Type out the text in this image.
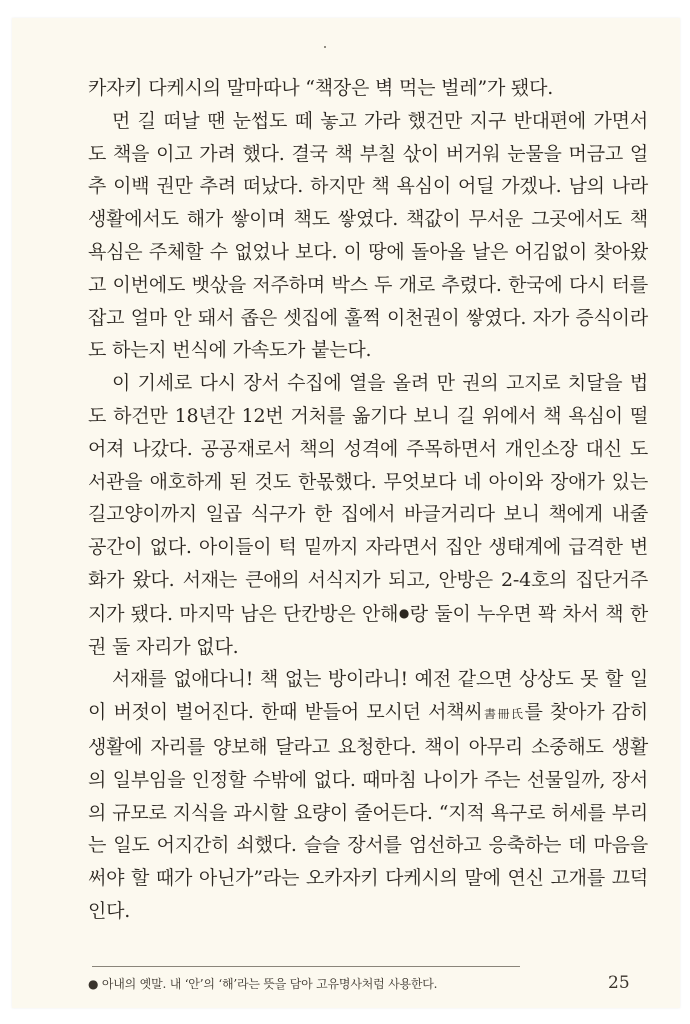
카자키 다케시의 말마따나 “책장은 벽 먹는 벌레”가 됐다.

먼 길 떠날 땐 눈썹도 떼 놓고 가라 했건만 지구 반대편에 가면서도 책을 이고 가려 했다. 결국 책 부칠 삯이 버거워 눈물을 머금고 얼추 이백 권만 추려 떠났다. 하지만 책 욕심이 어딜 가겠나. 남의 나라 생활에서도 해가 쌓이며 책도 쌓였다. 책값이 무서운 그곳에서도 책 욕심은 주체할 수 없었나 보다. 이 땅에 돌아올 날은 어김없이 찾아왔고 이번에도 뱃삯을 저주하며 박스 두 개로 추렸다. 한국에 다시 터를 잡고 얼마 안 돼서 좁은 셋집에 훌쩍 이천권이 쌓였다. 자가 증식이라도 하는지 번식에 가속도가 붙는다.

이 기세로 다시 장서 수집에 열을 올려 만 권의 고지로 치달을 법도 하건만 18년간 12번 거처를 옮기다 보니 길 위에서 책 욕심이 떨어져 나갔다. 공공재로서 책의 성격에 주목하면서 개인소장 대신 도서관을 애호하게 된 것도 한몫했다. 무엇보다 네 아이와 장애가 있는 길고양이까지 일곱 식구가 한 집에서 바글거리다 보니 책에게 내줄 공간이 없다. 아이들이 턱 밑까지 자라면서 집안 생태계에 급격한 변화가 왔다. 서재는 큰애의 서식지가 되고, 안방은 2-4호의 집단거주지가 됐다. 마지막 남은 단칸방은 안해●랑 둘이 누우면 꽉 차서 책 한 권 둘 자리가 없다.

서재를 없애다니! 책 없는 방이라니! 예전 같으면 상상도 못 할 일이 버젓이 벌어진다. 한때 받들어 모시던 서책씨書冊氏를 찾아가 감히 생활에 자리를 양보해 달라고 요청한다. 책이 아무리 소중해도 생활의 일부임을 인정할 수밖에 없다. 때마침 나이가 주는 선물일까, 장서의 규모로 지식을 과시할 요량이 줄어든다. “지적 욕구로 허세를 부리는 일도 어지간히 쇠했다. 슬슬 장서를 엄선하고 응축하는 데 마음을 써야 할 때가 아닌가”라는 오카자키 다케시의 말에 연신 고개를 끄덕인다.

● 아내의 옛말. 내 ‘안’의 ‘해’라는 뜻을 담아 고유명사처럼 사용한다.	25
